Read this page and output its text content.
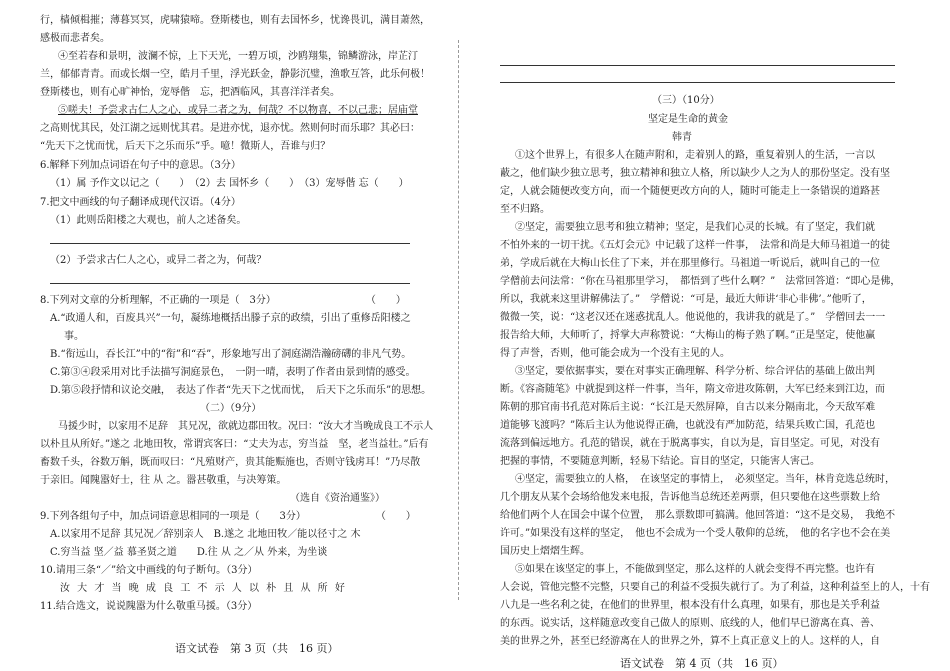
行，樯倾楫摧；薄暮冥冥，虎啸猿啼。登斯楼也，则有去国怀乡，忧谗畏讥，满目萧然，
感极而悲者矣。
④至若春和景明，波澜不惊，上下天光，一碧万顷，沙鸥翔集，锦鳞游泳，岸芷汀
兰，郁郁青青。而或长烟一空，皓月千里，浮光跃金，静影沉璧，渔歌互答，此乐何极！
登斯楼也，则有心旷神怡，宠辱偕　忘，把酒临风，其喜洋洋者矣。
⑤嗟夫！予尝求古仁人之心，或异二者之为，何哉？不以物喜，不以己悲；居庙堂
之高则忧其民，处江湖之远则忧其君。是进亦忧，退亦忧。然则何时而乐耶？其必曰：
“先天下之忧而忧，后天下之乐而乐”乎。噫！微斯人，吾谁与归？
6.解释下列加点词语在句子中的意思。（3分）
（1）属 予作文以记之（　　）　（2）去 国怀乡（　　）　（3）宠辱偕 忘（　　）
7.把文中画线的句子翻译成现代汉语。（4分）
（1）此则岳阳楼之大观也，前人之述备矣。
（2）予尝求古仁人之心，或异二者之为，何哉？
8.下列对文章的分析理解，不正确的一项是（　3分）　　　　　　　　　　（　　）
A.“政通人和，百废具兴”一句，凝练地概括出滕子京的政绩，引出了重修岳阳楼之
事。
B.“衔远山，吞长江”中的“衔”和“吞”，形象地写出了洞庭湖浩瀚磅礴的非凡气势。
C.第③④段采用对比手法描写洞庭景色，　一阴一晴，表明了作者由景到情的感受。
D.第⑤段抒情和议论交融，　表达了作者“先天下之忧而忧，　后天下之乐而乐”的思想。
（二）（9分）
马援少时，以家用不足辞　其兄况，欲就边郡田牧。况曰：“汝大才当晚成良工不示人
以朴且从所好。”遂之 北地田牧，常谓宾客曰：“丈夫为志，穷当益　坚，老当益壮。”后有
畜数千头，谷数万斛，既而叹曰：“凡殖财产，贵其能赈施也，否则守钱虏耳！”乃尽散
于亲旧。闻隗嚣好士，往 从 之。嚣甚敬重，与决筹策。
（选自《资治通鉴》）
9.下列各组句子中，加点词语意思相同的一项是（　　3分）　　　　　　　　（　　）
A.以家用不足辞 其兄况／辞别亲人　B.遂之 北地田牧／能以径寸之 木
C.穷当益 坚／益 慕圣贤之道　　D.往 从 之／从 外来，为坐谈
10.请用三条“／”给文中画线的句子断句。（3分）
汝 大 才 当 晚 成 良 工 不 示 人 以 朴 且 从 所 好
11.结合选文，说说隗嚣为什么敬重马援。（3分）
语文试卷　第 3 页（共　16 页）
（三）（10分）
坚定是生命的黄金
韩青
①这个世界上，有很多人在随声附和，走着别人的路，重复着别人的生活，一言以
蔽之，他们缺少独立思考，独立精神和独立人格，所以缺少人之为人的那份坚定。没有坚
定，人就会随便改变方向，而一个随便更改方向的人，随时可能走上一条错误的道路甚
至不归路。
②坚定，需要独立思考和独立精神；坚定，是我们心灵的长城。有了坚定，我们就
不怕外来的一切干扰。《五灯会元》中记载了这样一件事，　法常和尚是大师马祖道一的徒
弟，学成后就在大梅山长住了下来，并在那里修行。马祖道一听说后，就叫自己的一位
学僧前去问法常：“你在马祖那里学习，　都悟到了些什么啊？”　法常回答道：“即心是佛，
所以，我就来这里讲解佛法了。”　学僧说：“可是，最近大师讲‘非心非佛’。”他听了，
微微一笑，说：“这老汉还在迷惑扰乱人。他说他的，我讲我的就是了。”　学僧回去一一
报告给大师，大师听了，捋掌大声称赞说：“大梅山的梅子熟了啊。”正是坚定，使他赢
得了声誉，否则，他可能会成为一个没有主见的人。
③坚定，要依据事实，要在对事实正确理解、科学分析、综合评估的基础上做出判
断。《容斋随笔》中就提到这样一件事，当年，隋文帝进攻陈朝，大军已经来到江边，而
陈朝的那官南书孔范对陈后主说：“长江是天然屏障，自古以来分隔南北，今天敌军难
道能够飞渡吗？”陈后主认为他说得正确，也就没有严加防范，结果兵败亡国，孔范也
流落到偏远地方。孔范的错误，就在于脱离事实，自以为是，盲目坚定。可见，对没有
把握的事情，不要随意判断，轻易下结论。盲目的坚定，只能害人害己。
④坚定，需要独立的人格，　在该坚定的事情上，　必须坚定。当年，林肯竞选总统时，
几个朋友从某个会场给他发来电报，告诉他当总统还差两票，但只要他在这些票数上给
给他们两个人在国会中谋个位置，　那么票数即可搞满。他回答道：“这不是交易，　我绝不
许可。”如果没有这样的坚定，　他也不会成为一个受人敬仰的总统，　他的名字也不会在美
国历史上熠熠生辉。
⑤如果在该坚定的事上，不能做到坚定，那么这样的人就会变得不再完整。也许有
人会说，管他完整不完整，只要自己的利益不受损失就行了。为了利益，这种利益至上的人，十有
八九是一些名利之徒，在他们的世界里，根本没有什么真理，如果有，那也是关乎利益
的东西。说实话，这样随意改变自己做人的原则、底线的人，他们早已游离在真、善、
美的世界之外，甚至已经游离在人的世界之外，算不上真正意义上的人。这样的人，自
语文试卷　第 4 页（共　16 页）
